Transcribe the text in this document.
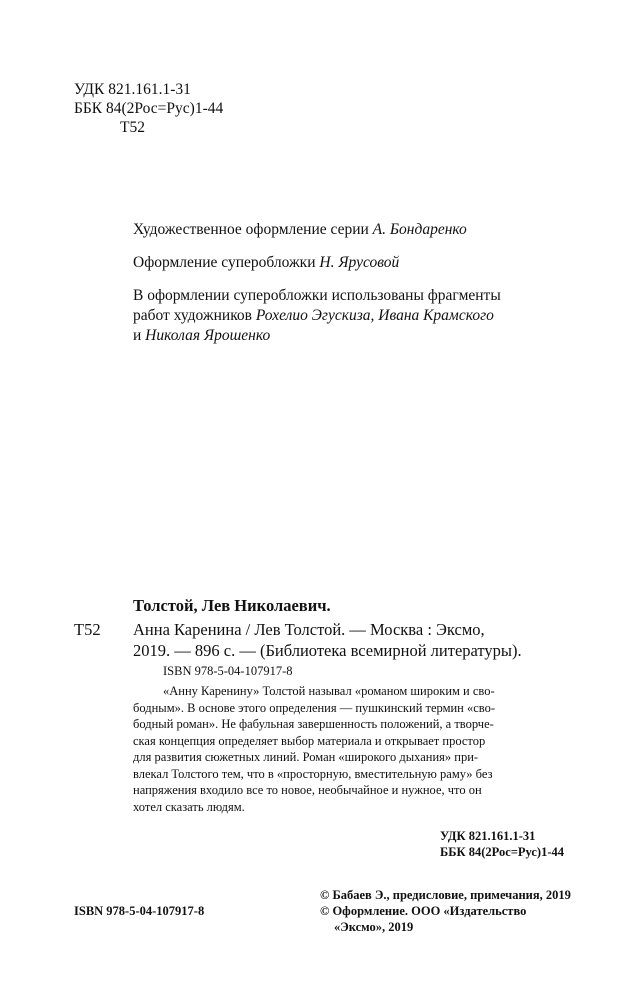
УДК 821.161.1-31
ББК 84(2Рос=Рус)1-44
Т52
Художественное оформление серии А. Бондаренко
Оформление суперобложки Н. Ярусовой
В оформлении суперобложки использованы фрагменты
работ художников Рохелио Эгускиза, Ивана Крамского
и Николая Ярошенко
Толстой, Лев Николаевич.
Т52 Анна Каренина / Лев Толстой. — Москва : Эксмо,
2019. — 896 с. — (Библиотека всемирной литературы).
ISBN 978-5-04-107917-8
«Анну Каренину» Толстой называл «романом широким и сво-
бодным». В основе этого определения — пушкинский термин «сво-
бодный роман». Не фабульная завершенность положений, а творче-
ская концепция определяет выбор материала и открывает простор
для развития сюжетных линий. Роман «широкого дыхания» при-
влекал Толстого тем, что в «просторную, вместительную раму» без
напряжения входило все то новое, необычайное и нужное, что он
хотел сказать людям.
УДК 821.161.1-31
ББК 84(2Рос=Рус)1-44
© Бабаев Э., предисловие, примечания, 2019
© Оформление. ООО «Издательство
«Эксмо», 2019
ISBN 978-5-04-107917-8
